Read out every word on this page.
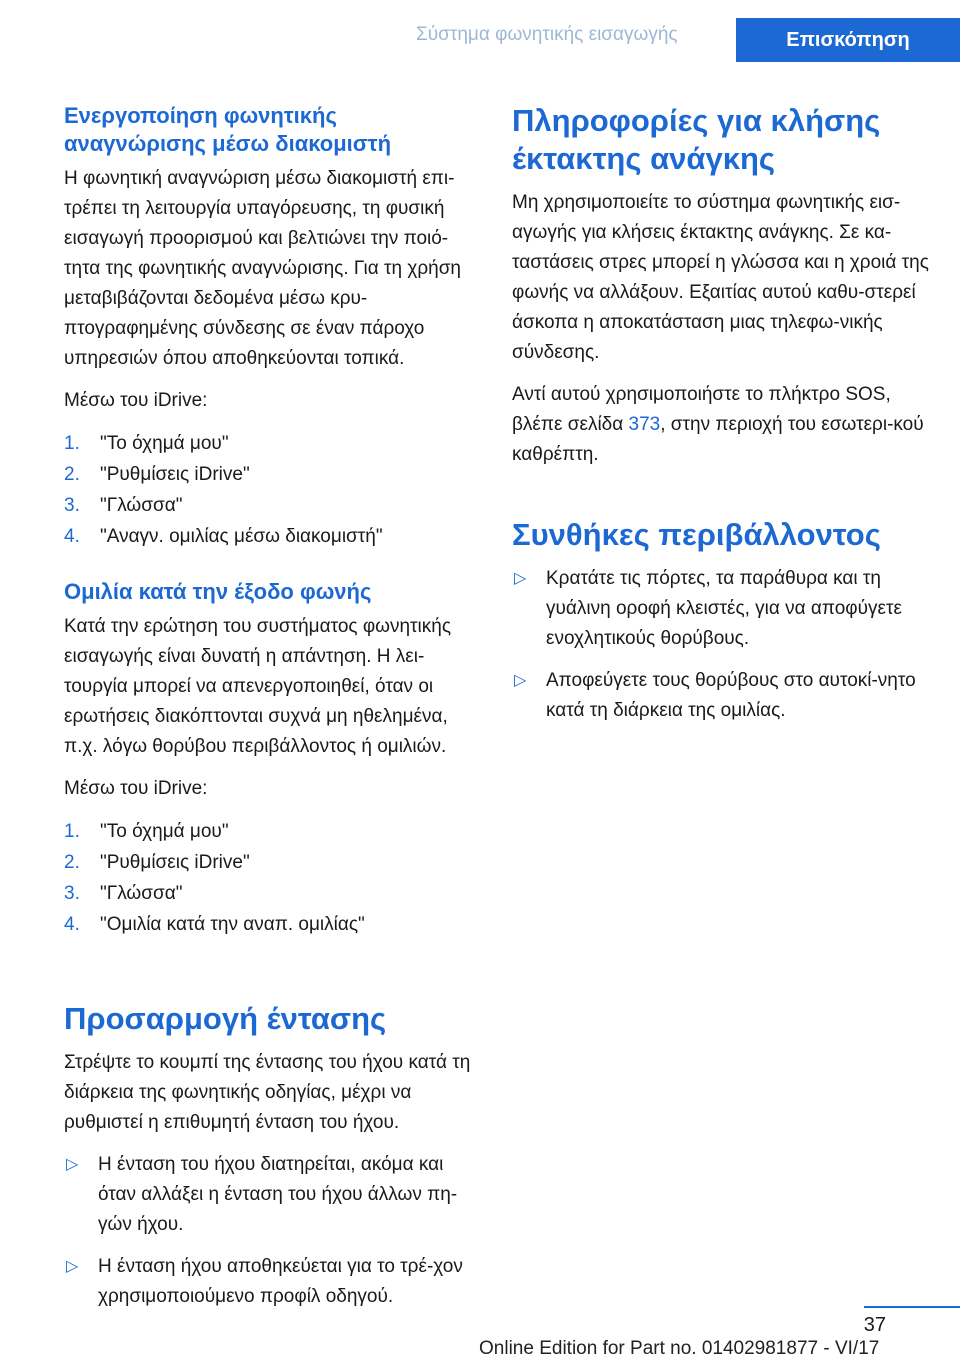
Σύστημα φωνητικής εισαγωγής	Επισκόπηση
Ενεργοποίηση φωνητικής
αναγνώρισης μέσω διακομιστή

Η φωνητική αναγνώριση μέσω διακομιστή επι-τρέπει τη λειτουργία υπαγόρευσης, τη φυσική εισαγωγή προορισμού και βελτιώνει την ποιό-τητα της φωνητικής αναγνώρισης. Για τη χρήση μεταβιβάζονται δεδομένα μέσω κρυ-πτογραφημένης σύνδεσης σε έναν πάροχο υπηρεσιών όπου αποθηκεύονται τοπικά.

Μέσω του iDrive:

1. "Το όχημά μου"
2. "Ρυθμίσεις iDrive"
3. "Γλώσσα"
4. "Αναγν. ομιλίας μέσω διακομιστή"
Ομιλία κατά την έξοδο φωνής

Κατά την ερώτηση του συστήματος φωνητικής εισαγωγής είναι δυνατή η απάντηση. Η λει-τουργία μπορεί να απενεργοποιηθεί, όταν οι ερωτήσεις διακόπτονται συχνά μη ηθελημένα, π.χ. λόγω θορύβου περιβάλλοντος ή ομιλιών.

Μέσω του iDrive:

1. "Το όχημά μου"
2. "Ρυθμίσεις iDrive"
3. "Γλώσσα"
4. "Ομιλία κατά την αναπ. ομιλίας"
Προσαρμογή έντασης

Στρέψτε το κουμπί της έντασης του ήχου κατά τη διάρκεια της φωνητικής οδηγίας, μέχρι να ρυθμιστεί η επιθυμητή ένταση του ήχου.

▷ Η ένταση του ήχου διατηρείται, ακόμα και όταν αλλάξει η ένταση του ήχου άλλων πη-γών ήχου.
▷ Η ένταση ήχου αποθηκεύεται για το τρέ-χον χρησιμοποιούμενο προφίλ οδηγού.
Πληροφορίες για κλήσης
έκτακτης ανάγκης

Μη χρησιμοποιείτε το σύστημα φωνητικής εισ-αγωγής για κλήσεις έκτακτης ανάγκης. Σε κα-ταστάσεις στρες μπορεί η γλώσσα και η χροιά της φωνής να αλλάξουν. Εξαιτίας αυτού καθυ-στερεί άσκοπα η αποκατάσταση μιας τηλεφω-νικής σύνδεσης.

Αντί αυτού χρησιμοποιήστε το πλήκτρο SOS, βλέπε σελίδα 373, στην περιοχή του εσωτερι-κού καθρέπτη.

Συνθήκες περιβάλλοντος
▷ Κρατάτε τις πόρτες, τα παράθυρα και τη γυάλινη οροφή κλειστές, για να αποφύγετε ενοχλητικούς θορύβους.
▷ Αποφεύγετε τους θορύβους στο αυτοκί-νητο κατά τη διάρκεια της ομιλίας.
37
Online Edition for Part no. 01402981877 - VI/17
